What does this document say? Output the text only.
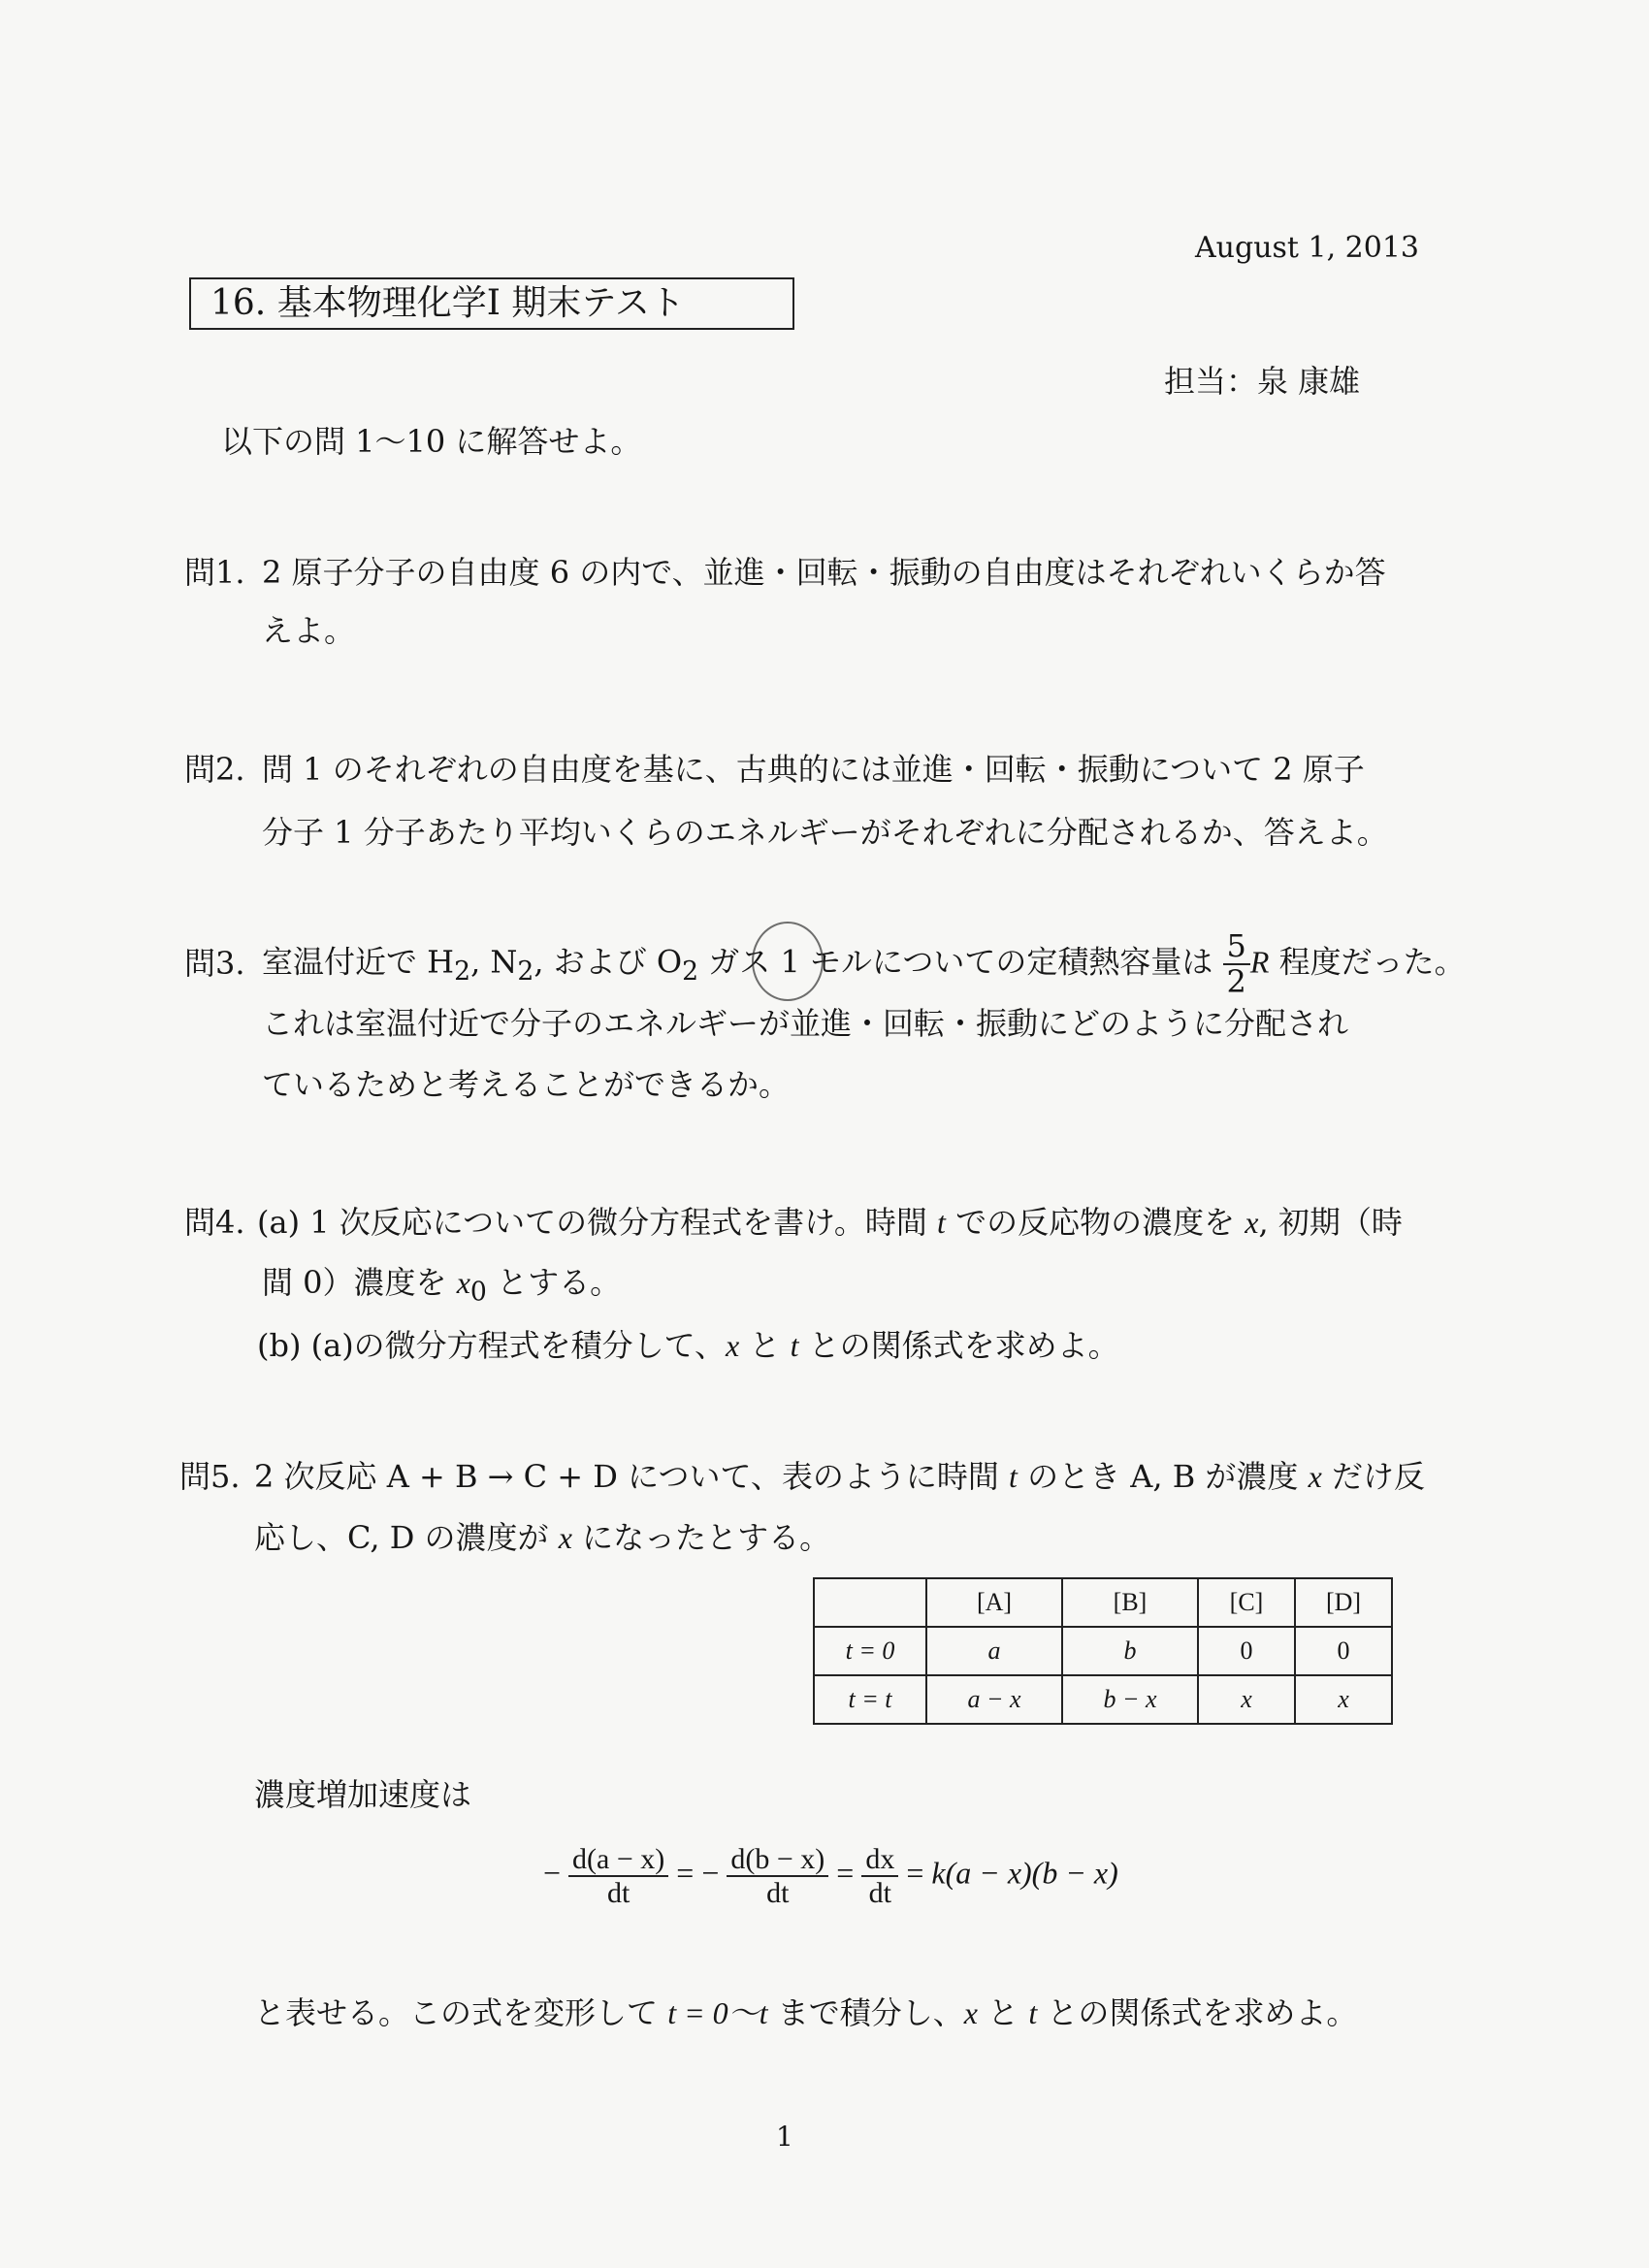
August 1, 2013
16. 基本物理化学I 期末テスト
担当：泉 康雄
以下の問 1〜10 に解答せよ。
問1. 2 原子分子の自由度 6 の内で、並進・回転・振動の自由度はそれぞれいくらか答
えよ。
問2. 問 1 のそれぞれの自由度を基に、古典的には並進・回転・振動について 2 原子
分子 1 分子あたり平均いくらのエネルギーがそれぞれに分配されるか、答えよ。
問3. 室温付近で $H_2$, $N_2$, および $O_2$ ガス 1 モルについての定積熱容量は $\frac{5}{2}$ R 程度だった。
これは室温付近で分子のエネルギーが並進・回転・振動にどのように分配され
ているためと考えることができるか。
問4. (a) 1 次反応についての微分方程式を書け。時間 t での反応物の濃度を x, 初期（時
間 0）濃度を $x_0$ とする。
(b) (a)の微分方程式を積分して、x と t との関係式を求めよ。
問5. 2 次反応 A + B → C + D について、表のように時間 t のとき A, B が濃度 x だけ反
応し、C, D の濃度が x になったとする。
	[A]	[B]	[C]	[D]
t = 0	a	b	0	0
t = t	a − x	b − x	x	x
濃度増加速度は
− $\frac{d(a - x)}{dt}$ = − $\frac{d(b - x)}{dt} = \frac{dx}{dt} = k(a - x)(b - x)$
と表せる。この式を変形して t = 0〜t まで積分し、x と t との関係式を求めよ。
1
